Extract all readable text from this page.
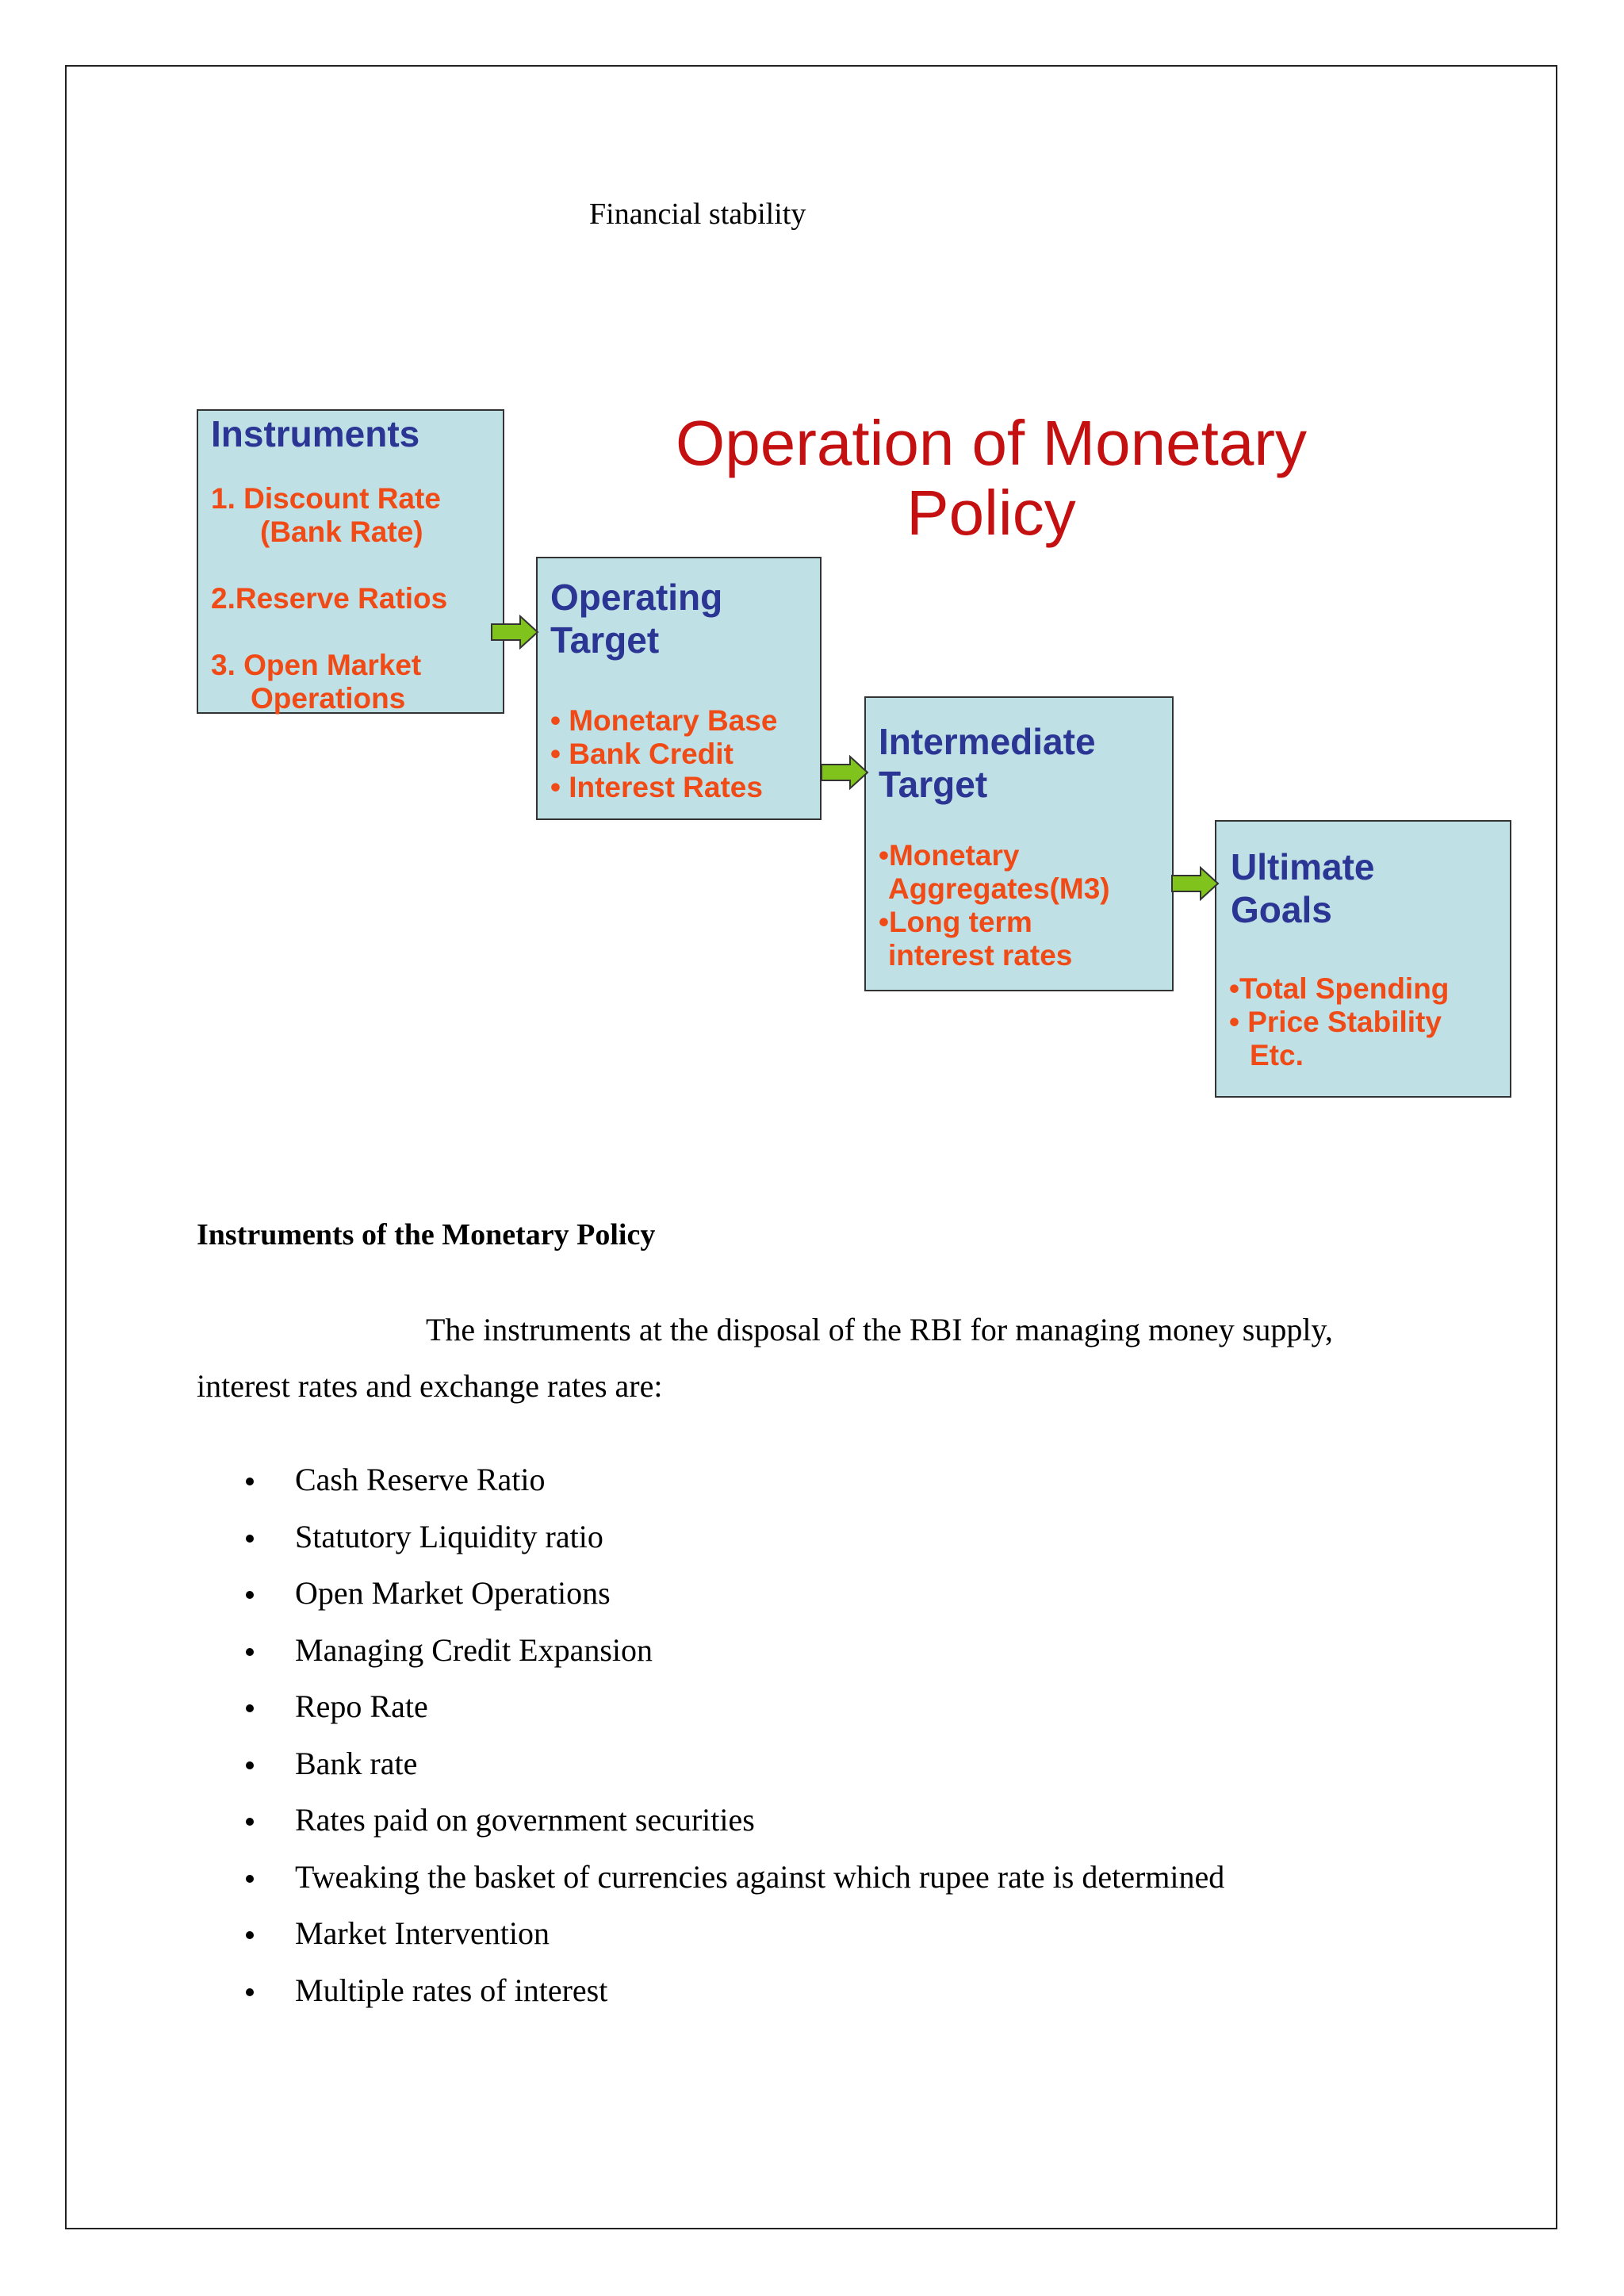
Financial stability
Operation of Monetary
Policy
Instruments
1. Discount Rate
(Bank Rate)
2.Reserve Ratios
3. Open Market
Operations
Operating
Target
• Monetary Base
• Bank Credit
• Interest Rates
Intermediate
Target
•Monetary
Aggregates(M3)
•Long term
interest rates
Ultimate
Goals
•Total Spending
• Price Stability
Etc.
Instruments of the Monetary Policy
The instruments at the disposal of the RBI for managing money supply,
interest rates and exchange rates are:
Cash Reserve Ratio
Statutory Liquidity ratio
Open Market Operations
Managing Credit Expansion
Repo Rate
Bank rate
Rates paid on government securities
Tweaking the basket of currencies against which rupee rate is determined
Market Intervention
Multiple rates of interest
